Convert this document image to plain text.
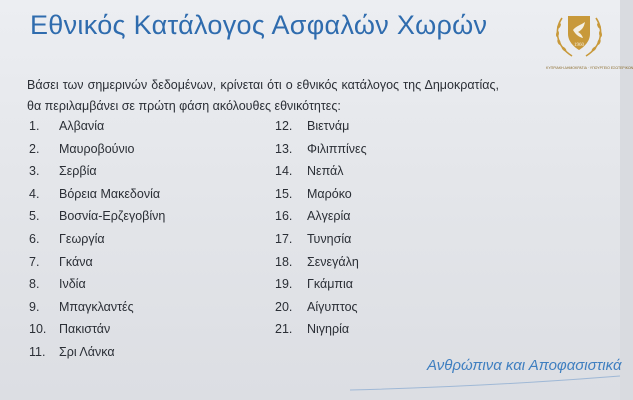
Εθνικός Κατάλογος Ασφαλών Χωρών
1960
ΚΥΠΡΙΑΚΗ ΔΗΜΟΚΡΑΤΙΑ · ΥΠΟΥΡΓΕΙΟ ΕΣΩΤΕΡΙΚΩΝ
Βάσει των σημερινών δεδομένων, κρίνεται ότι ο εθνικός κατάλογος της Δημοκρατίας, θα περιλαμβάνει σε πρώτη φάση ακόλουθες εθνικότητες:
1. Αλβανία
2. Μαυροβούνιο
3. Σερβία
4. Βόρεια Μακεδονία
5. Βοσνία-Ερζεγοβίνη
6. Γεωργία
7. Γκάνα
8. Ινδία
9. Μπαγκλαντές
10. Πακιστάν
11. Σρι Λάνκα
12. Βιετνάμ
13. Φιλιππίνες
14. Νεπάλ
15. Μαρόκο
16. Αλγερία
17. Τυνησία
18. Σενεγάλη
19. Γκάμπια
20. Αίγυπτος
21. Νιγηρία
Ανθρώπινα και Αποφασιστικά
